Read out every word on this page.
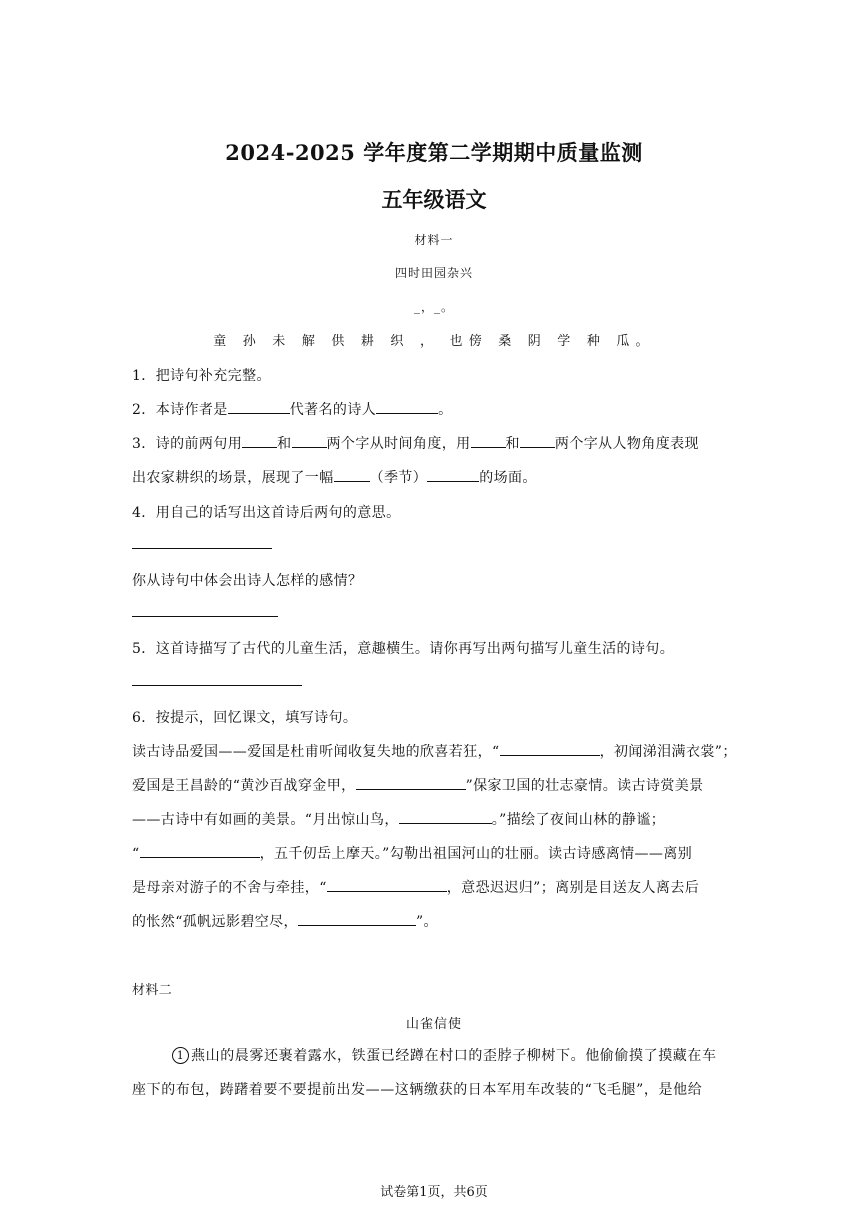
2024-2025 学年度第二学期期中质量监测
五年级语文
材料一
四时田园杂兴
_，_。
童 孙 未 解 供 耕 织 ， 也傍 桑 阴 学 种 瓜。
1．把诗句补充完整。
2．本诗作者是	代著名的诗人	。
3．诗的前两句用	和	两个字从时间角度，用	和	两个字从人物角度表现
出农家耕织的场景，展现了一幅	（季节）	的场面。
4．用自己的话写出这首诗后两句的意思。
你从诗句中体会出诗人怎样的感情？
5．这首诗描写了古代的儿童生活，意趣横生。请你再写出两句描写儿童生活的诗句。
6．按提示，回忆课文，填写诗句。
读古诗品爱国——爱国是杜甫听闻收复失地的欣喜若狂，“	，初闻涕泪满衣裳”；
爱国是王昌龄的“黄沙百战穿金甲，	”保家卫国的壮志豪情。读古诗赏美景
——古诗中有如画的美景。“月出惊山鸟，	。”描绘了夜间山林的静谧；
“	，五千仞岳上摩天。”勾勒出祖国河山的壮丽。读古诗感离情——离别
是母亲对游子的不舍与牵挂，“	，意恐迟迟归”；离别是目送友人离去后
的怅然“孤帆远影碧空尽，	”。
材料二
山雀信使
1 燕山的晨雾还裹着露水，铁蛋已经蹲在村口的歪脖子柳树下。他偷偷摸了摸藏在车
座下的布包，踌躇着要不要提前出发——这辆缴获的日本军用车改装的“飞毛腿”，是他给
试卷第1页，共6页
